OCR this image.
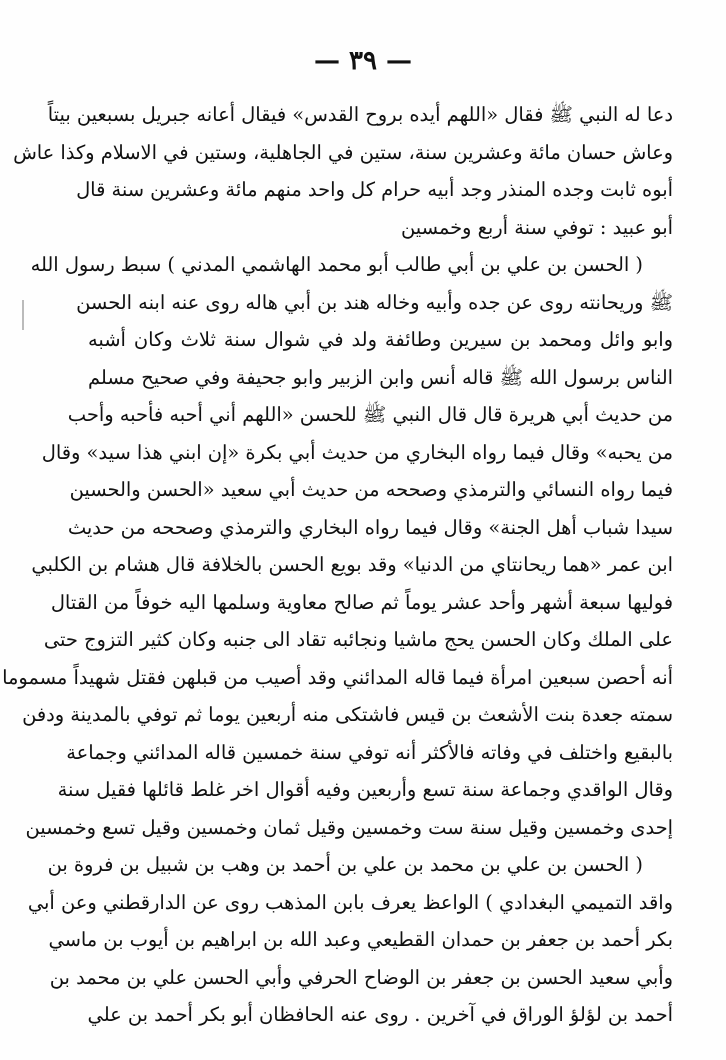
— ٣٩ —
دعا له النبي ﷺ فقال «اللهم أيده بروح القدس» فيقال أعانه جبريل بسبعين بيتاً
وعاش حسان مائة وعشرين سنة، ستين في الجاهلية، وستين في الاسلام وكذا عاش
أبوه ثابت وجده المنذر وجد أبيه حرام كل واحد منهم مائة وعشرين سنة قال
أبو عبيد : توفي سنة أربع وخمسين
( الحسن بن علي بن أبي طالب أبو محمد الهاشمي المدني ) سبط رسول الله
ﷺ وريحانته روى عن جده وأبيه وخاله هند بن أبي هاله روى عنه ابنه الحسن
وابو وائل ومحمد بن سيرين وطائفة ولد في شوال سنة ثلاث وكان أشبه
الناس برسول الله ﷺ قاله أنس وابن الزبير وابو جحيفة وفي صحيح مسلم
من حديث أبي هريرة قال قال النبي ﷺ للحسن «اللهم أني أحبه فأحبه وأحب
من يحبه» وقال فيما رواه البخاري من حديث أبي بكرة «إن ابني هذا سيد» وقال
فيما رواه النسائي والترمذي وصححه من حديث أبي سعيد «الحسن والحسين
سيدا شباب أهل الجنة» وقال فيما رواه البخاري والترمذي وصححه من حديث
ابن عمر «هما ريحانتاي من الدنيا» وقد بويع الحسن بالخلافة قال هشام بن الكلبي
فوليها سبعة أشهر وأحد عشر يوماً ثم صالح معاوية وسلمها اليه خوفاً من القتال
على الملك وكان الحسن يحج ماشيا ونجائبه تقاد الى جنبه وكان كثير التزوج حتى
أنه أحصن سبعين امرأة فيما قاله المدائني وقد أصيب من قبلهن فقتل شهيداً مسموما
سمته جعدة بنت الأشعث بن قيس فاشتكى منه أربعين يوما ثم توفي بالمدينة ودفن
بالبقيع واختلف في وفاته فالأكثر أنه توفي سنة خمسين قاله المدائني وجماعة
وقال الواقدي وجماعة سنة تسع وأربعين وفيه أقوال اخر غلط قائلها فقيل سنة
إحدى وخمسين وقيل سنة ست وخمسين وقيل ثمان وخمسين وقيل تسع وخمسين
( الحسن بن علي بن محمد بن علي بن أحمد بن وهب بن شبيل بن فروة بن
واقد التميمي البغدادي ) الواعظ يعرف بابن المذهب روى عن الدارقطني وعن أبي
بكر أحمد بن جعفر بن حمدان القطيعي وعبد الله بن ابراهيم بن أيوب بن ماسي
وأبي سعيد الحسن بن جعفر بن الوضاح الحرفي وأبي الحسن علي بن محمد بن
أحمد بن لؤلؤ الوراق في آخرين . روى عنه الحافظان أبو بكر أحمد بن علي
